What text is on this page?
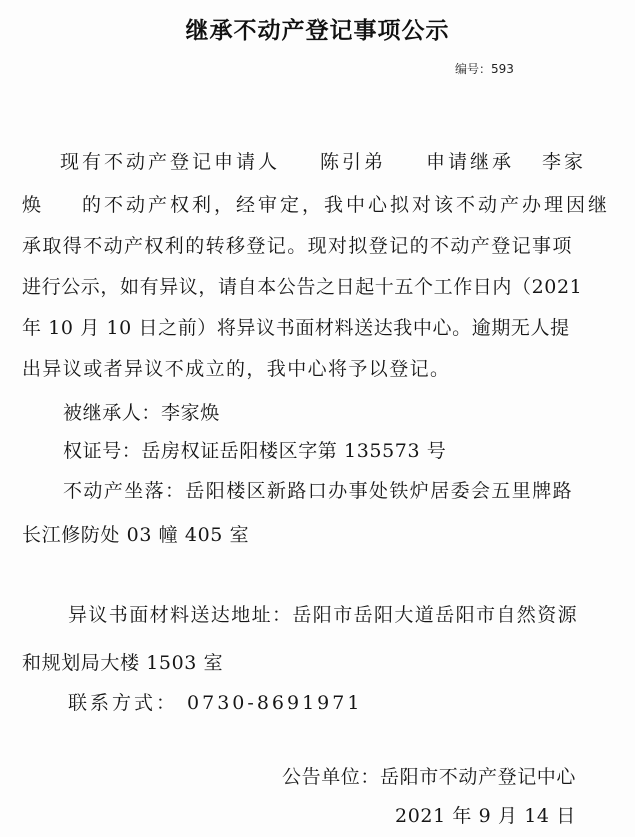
继承不动产登记事项公示
编号：593
现有不动产登记申请人 陈引弟 申请继承 李家
焕 的不动产权利，经审定，我中心拟对该不动产办理因继
承取得不动产权利的转移登记。现对拟登记的不动产登记事项
进行公示，如有异议，请自本公告之日起十五个工作日内（2021
年 10 月 10 日之前）将异议书面材料送达我中心。逾期无人提
出异议或者异议不成立的，我中心将予以登记。
被继承人：李家焕
权证号：岳房权证岳阳楼区字第 135573 号
不动产坐落：岳阳楼区新路口办事处铁炉居委会五里牌路
长江修防处 03 幢 405 室
异议书面材料送达地址：岳阳市岳阳大道岳阳市自然资源
和规划局大楼 1503 室
联系方式： 0730-8691971
公告单位：岳阳市不动产登记中心
2021 年 9 月 14 日
